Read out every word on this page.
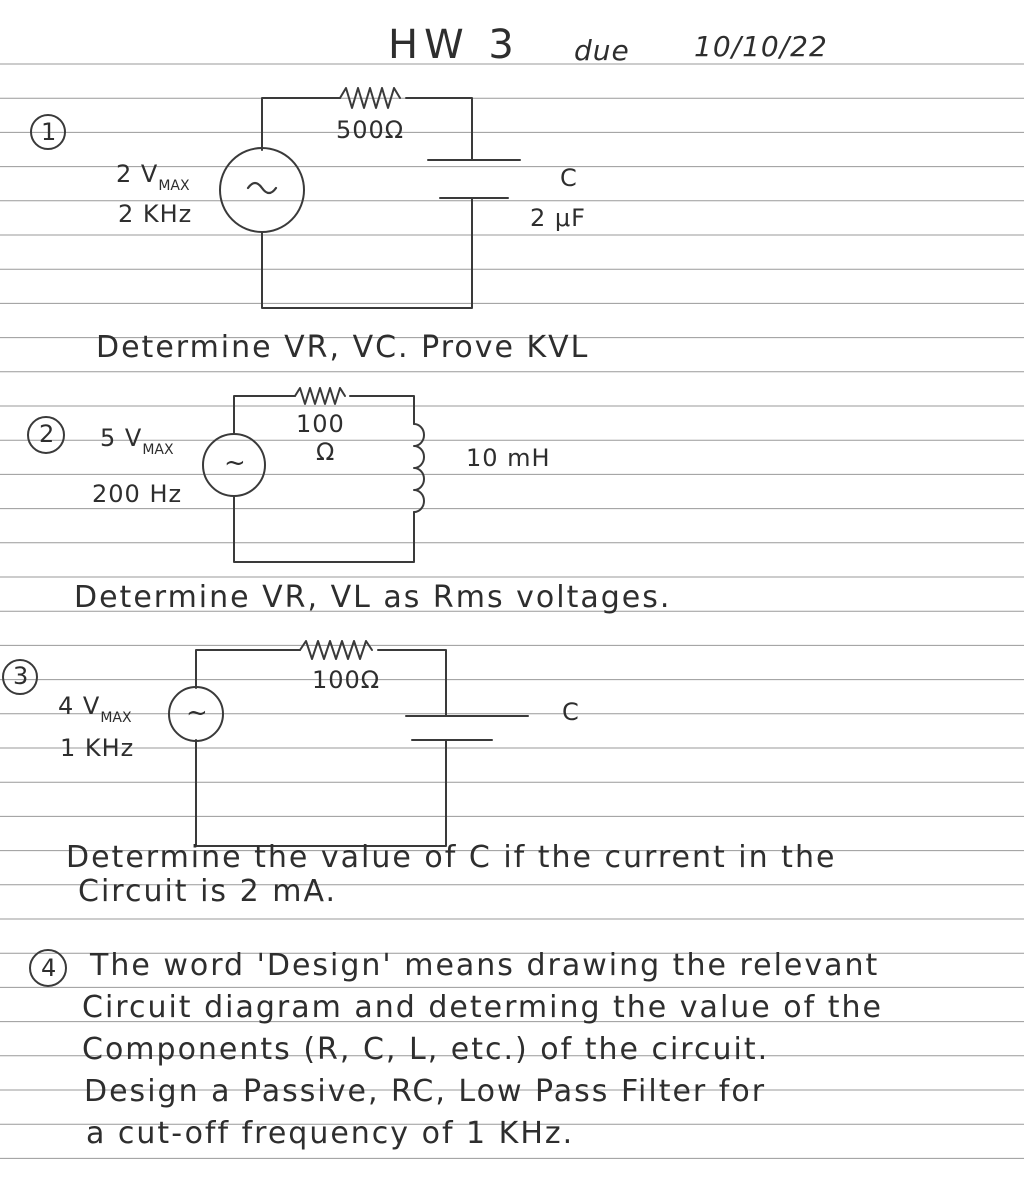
HW 3 due 10/10/22
1
2 $V_{MAX}$
2 KHz
500Ω
C
2 μF
Determine VR, VC. Prove KVL
2 5 $V_{MAX}$
200 Hz
~
100
Ω	10 mH
Determine VR, VL as Rms voltages.
3
4 $V_{MAX}$
1 KHz
~
100Ω
C
Determine the value of C if the current in the
Circuit is 2 mA.
4 The word 'Design' means drawing the relevant
Circuit diagram and determing the value of the
Components (R, C, L, etc.) of the circuit.
Design a Passive, RC, Low Pass Filter for
a cut-off frequency of 1 KHz.
